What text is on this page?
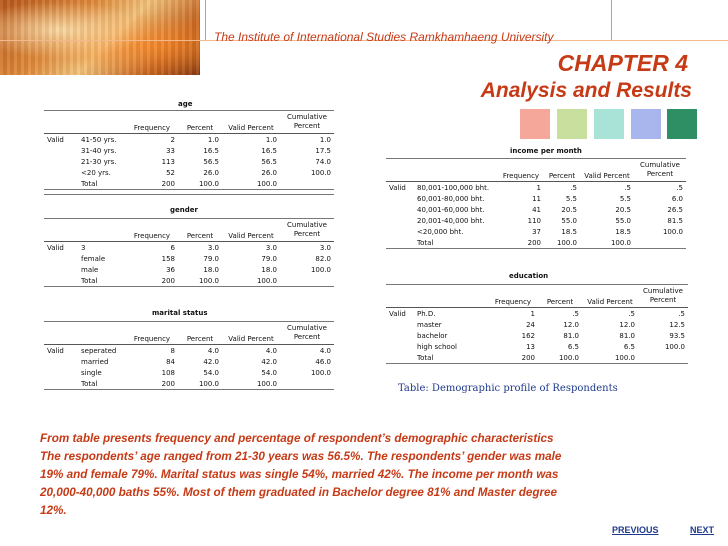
The Institute of International Studies Ramkhamhaeng University
CHAPTER 4
Analysis and Results
age
					Cumulative Percent
		Frequency	Percent	Valid Percent	
Valid	41-50 yrs.	2	1.0	1.0	1.0
	31-40 yrs.	33	16.5	16.5	17.5
	21-30 yrs.	113	56.5	56.5	74.0
	<20 yrs.	52	26.0	26.0	100.0
	Total	200	100.0	100.0	
gender
					Cumulative Percent
		Frequency	Percent	Valid Percent	
Valid	3	6	3.0	3.0	3.0
	female	158	79.0	79.0	82.0
	male	36	18.0	18.0	100.0
	Total	200	100.0	100.0	
marital status
					Cumulative Percent
		Frequency	Percent	Valid Percent	
Valid	seperated	8	4.0	4.0	4.0
	married	84	42.0	42.0	46.0
	single	108	54.0	54.0	100.0
	Total	200	100.0	100.0	
income per month
					Cumulative Percent
		Frequency	Percent	Valid Percent	
Valid	80,001-100,000 bht.	1	.5	.5	.5
	60,001-80,000 bht.	11	5.5	5.5	6.0
	40,001-60,000 bht.	41	20.5	20.5	26.5
	20,001-40,000 bht.	110	55.0	55.0	81.5
	<20,000 bht.	37	18.5	18.5	100.0
	Total	200	100.0	100.0	
education
					Cumulative Percent
		Frequency	Percent	Valid Percent	
Valid	Ph.D.	1	.5	.5	.5
	master	24	12.0	12.0	12.5
	bachelor	162	81.0	81.0	93.5
	high school	13	6.5	6.5	100.0
	Total	200	100.0	100.0	
Table: Demographic profile of Respondents
From table presents frequency and percentage of respondent’s demographic characteristics
The respondents’ age ranged from 21-30 years was 56.5%. The respondents’ gender was male
19% and female 79%. Marital status was single 54%, married 42%. The income per month was
20,000-40,000 baths 55%. Most of them graduated in Bachelor degree 81% and Master degree
12%.
PREVIOUS	NEXT
